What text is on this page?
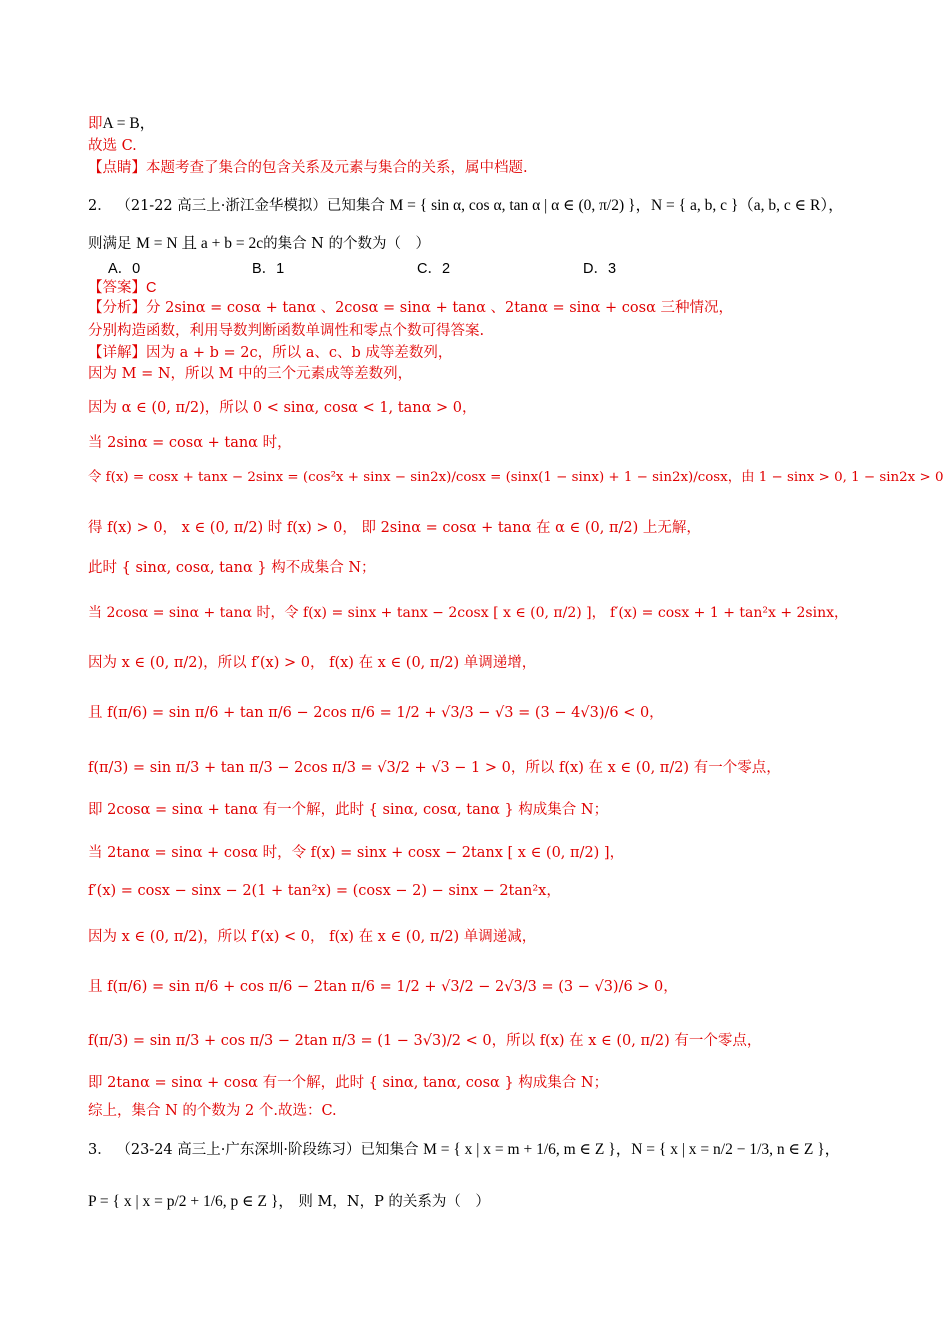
即A = B，
故选 C.
【点睛】本题考查了集合的包含关系及元素与集合的关系，属中档题.
2． （21-22 高三上·浙江金华模拟）已知集合 M = { sin α, cos α, tan α | α ∈ (0, π/2) }，N = { a, b, c }（a, b, c ∈ R），
则满足 M = N 且 a + b = 2c的集合 N 的个数为（　）
A．0	B．1	C．2	D．3
【答案】C
【分析】分 2sinα = cosα + tanα 、2cosα = sinα + tanα 、2tanα = sinα + cosα 三种情况，
分别构造函数，利用导数判断函数单调性和零点个数可得答案.
【详解】因为 a + b = 2c，所以 a、c、b 成等差数列，
因为 M = N，所以 M 中的三个元素成等差数列，
因为 α ∈ (0, π/2)，所以 0 < sinα, cosα < 1, tanα > 0，
当 2sinα = cosα + tanα 时，
令 f(x) = cosx + tanx − 2sinx = (cos²x + sinx − sin2x)/cosx = (sinx(1 − sinx) + 1 − sin2x)/cosx，由 1 − sinx > 0, 1 − sin2x > 0
得 f(x) > 0， x ∈ (0, π/2) 时 f(x) > 0， 即 2sinα = cosα + tanα 在 α ∈ (0, π/2) 上无解，
此时 { sinα, cosα, tanα } 构不成集合 N；
当 2cosα = sinα + tanα 时，令 f(x) = sinx + tanx − 2cosx [ x ∈ (0, π/2) ]， f′(x) = cosx + 1 + tan²x + 2sinx，
因为 x ∈ (0, π/2)，所以 f′(x) > 0， f(x) 在 x ∈ (0, π/2) 单调递增，
且 f(π/6) = sin π/6 + tan π/6 − 2cos π/6 = 1/2 + √3/3 − √3 = (3 − 4√3)/6 < 0，
f(π/3) = sin π/3 + tan π/3 − 2cos π/3 = √3/2 + √3 − 1 > 0，所以 f(x) 在 x ∈ (0, π/2) 有一个零点，
即 2cosα = sinα + tanα 有一个解，此时 { sinα, cosα, tanα } 构成集合 N；
当 2tanα = sinα + cosα 时，令 f(x) = sinx + cosx − 2tanx [ x ∈ (0, π/2) ]，
f′(x) = cosx − sinx − 2(1 + tan²x) = (cosx − 2) − sinx − 2tan²x，
因为 x ∈ (0, π/2)，所以 f′(x) < 0， f(x) 在 x ∈ (0, π/2) 单调递减，
且 f(π/6) = sin π/6 + cos π/6 − 2tan π/6 = 1/2 + √3/2 − 2√3/3 = (3 − √3)/6 > 0，
f(π/3) = sin π/3 + cos π/3 − 2tan π/3 = (1 − 3√3)/2 < 0，所以 f(x) 在 x ∈ (0, π/2) 有一个零点，
即 2tanα = sinα + cosα 有一个解，此时 { sinα, tanα, cosα } 构成集合 N；
综上，集合 N 的个数为 2 个.故选：C.
3． （23-24 高三上·广东深圳·阶段练习）已知集合 M = { x | x = m + 1/6, m ∈ Z }，N = { x | x = n/2 − 1/3, n ∈ Z }，
P = { x | x = p/2 + 1/6, p ∈ Z }， 则 M，N，P 的关系为（　）
